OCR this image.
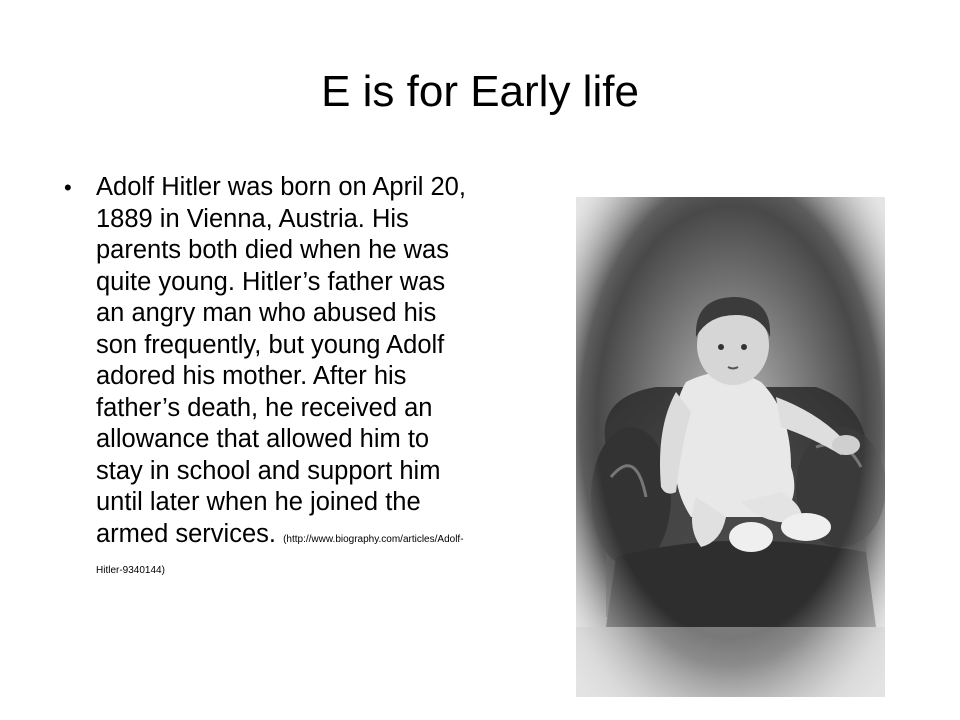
E is for Early life
• Adolf Hitler was born on April 20, 1889 in Vienna, Austria. His parents both died when he was quite young. Hitler’s father was an angry man who abused his son frequently, but young Adolf adored his mother. After his father’s death, he received an allowance that allowed him to stay in school and support him until later when he joined the armed services. (http://www.biography.com/articles/Adolf-Hitler-9340144)
